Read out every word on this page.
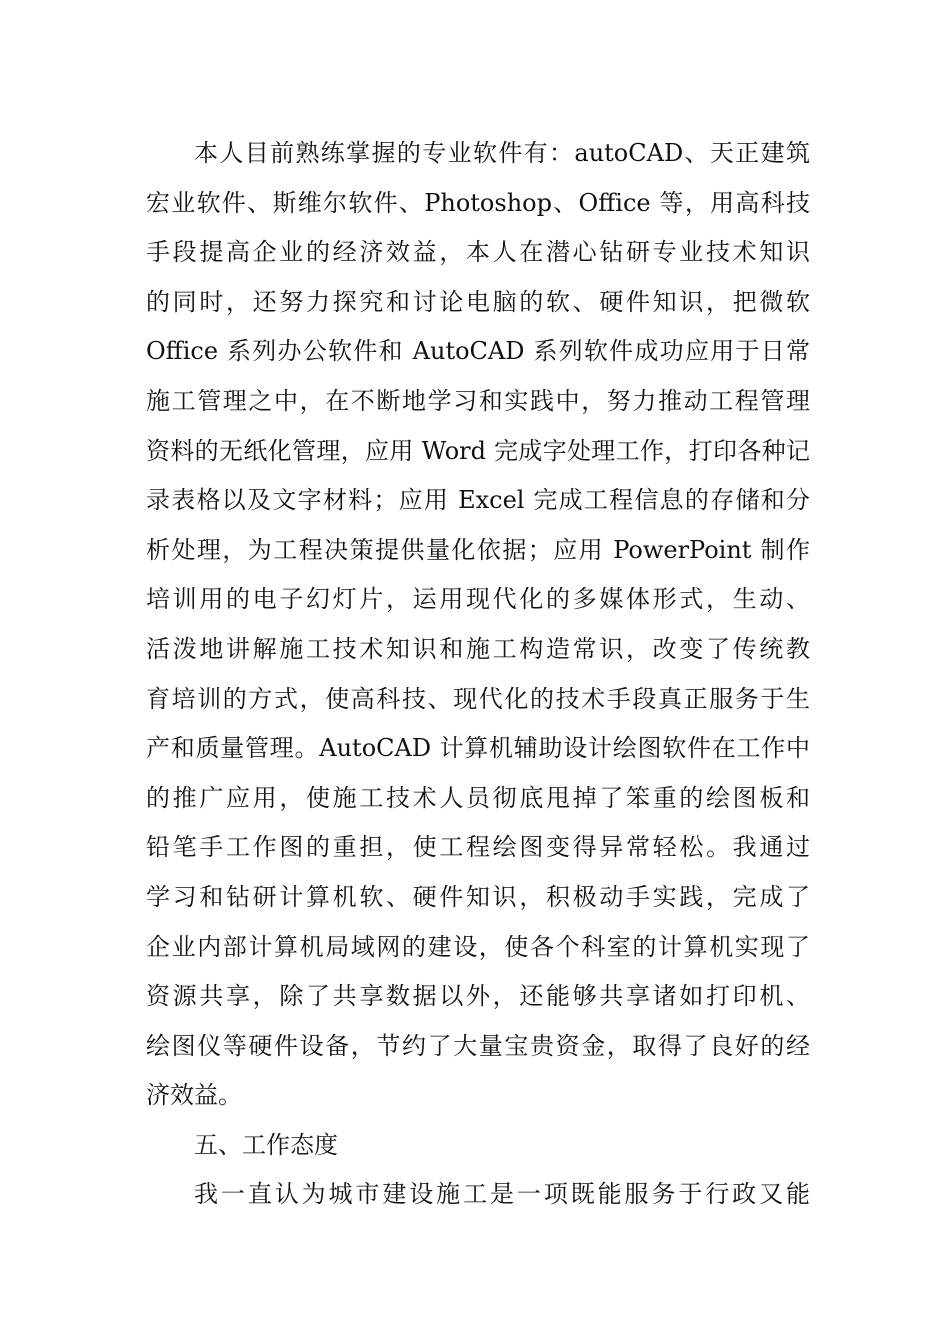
本人目前熟练掌握的专业软件有：autoCAD、天正建筑
宏业软件、斯维尔软件、Photoshop、Office 等，用高科技
手段提高企业的经济效益，本人在潜心钻研专业技术知识
的同时，还努力探究和讨论电脑的软、硬件知识，把微软
Office 系列办公软件和 AutoCAD 系列软件成功应用于日常
施工管理之中，在不断地学习和实践中，努力推动工程管理
资料的无纸化管理，应用 Word 完成字处理工作，打印各种记
录表格以及文字材料；应用 Excel 完成工程信息的存储和分
析处理，为工程决策提供量化依据；应用 PowerPoint 制作
培训用的电子幻灯片，运用现代化的多媒体形式，生动、
活泼地讲解施工技术知识和施工构造常识，改变了传统教
育培训的方式，使高科技、现代化的技术手段真正服务于生
产和质量管理。AutoCAD 计算机辅助设计绘图软件在工作中
的推广应用，使施工技术人员彻底甩掉了笨重的绘图板和
铅笔手工作图的重担，使工程绘图变得异常轻松。我通过
学习和钻研计算机软、硬件知识，积极动手实践，完成了
企业内部计算机局域网的建设，使各个科室的计算机实现了
资源共享，除了共享数据以外，还能够共享诸如打印机、
绘图仪等硬件设备，节约了大量宝贵资金，取得了良好的经
济效益。
五、工作态度
我一直认为城市建设施工是一项既能服务于行政又能
